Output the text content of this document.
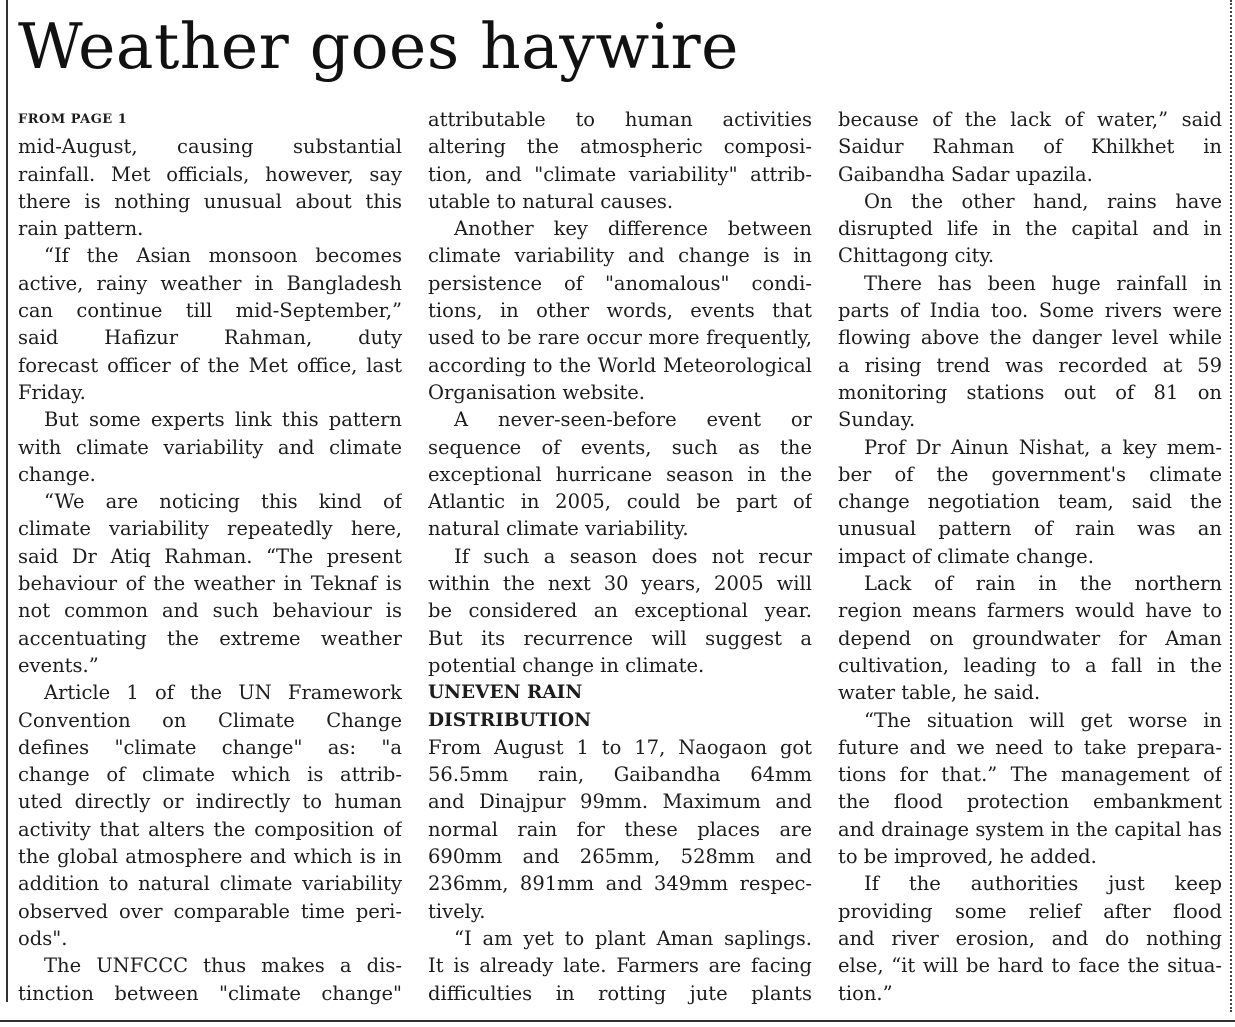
Weather goes haywire
FROM PAGE 1
mid-August, causing substantial
rainfall. Met officials, however, say
there is nothing unusual about this
rain pattern.
“If the Asian monsoon becomes
active, rainy weather in Bangladesh
can continue till mid-September,”
said Hafizur Rahman, duty
forecast officer of the Met office, last
Friday.
But some experts link this pattern
with climate variability and climate
change.
“We are noticing this kind of
climate variability repeatedly here,
said Dr Atiq Rahman. “The present
behaviour of the weather in Teknaf is
not common and such behaviour is
accentuating the extreme weather
events.”
Article 1 of the UN Framework
Convention on Climate Change
defines "climate change" as: "a
change of climate which is attrib-
uted directly or indirectly to human
activity that alters the composition of
the global atmosphere and which is in
addition to natural climate variability
observed over comparable time peri-
ods".
The UNFCCC thus makes a dis-
tinction between "climate change"
attributable to human activities
altering the atmospheric composi-
tion, and "climate variability" attrib-
utable to natural causes.
Another key difference between
climate variability and change is in
persistence of "anomalous" condi-
tions, in other words, events that
used to be rare occur more frequently,
according to the World Meteorological
Organisation website.
A never-seen-before event or
sequence of events, such as the
exceptional hurricane season in the
Atlantic in 2005, could be part of
natural climate variability.
If such a season does not recur
within the next 30 years, 2005 will
be considered an exceptional year.
But its recurrence will suggest a
potential change in climate.
UNEVEN RAIN
DISTRIBUTION
From August 1 to 17, Naogaon got
56.5mm rain, Gaibandha 64mm
and Dinajpur 99mm. Maximum and
normal rain for these places are
690mm and 265mm, 528mm and
236mm, 891mm and 349mm respec-
tively.
“I am yet to plant Aman saplings.
It is already late. Farmers are facing
difficulties in rotting jute plants
because of the lack of water,” said
Saidur Rahman of Khilkhet in
Gaibandha Sadar upazila.
On the other hand, rains have
disrupted life in the capital and in
Chittagong city.
There has been huge rainfall in
parts of India too. Some rivers were
flowing above the danger level while
a rising trend was recorded at 59
monitoring stations out of 81 on
Sunday.
Prof Dr Ainun Nishat, a key mem-
ber of the government's climate
change negotiation team, said the
unusual pattern of rain was an
impact of climate change.
Lack of rain in the northern
region means farmers would have to
depend on groundwater for Aman
cultivation, leading to a fall in the
water table, he said.
“The situation will get worse in
future and we need to take prepara-
tions for that.” The management of
the flood protection embankment
and drainage system in the capital has
to be improved, he added.
If the authorities just keep
providing some relief after flood
and river erosion, and do nothing
else, “it will be hard to face the situa-
tion.”
